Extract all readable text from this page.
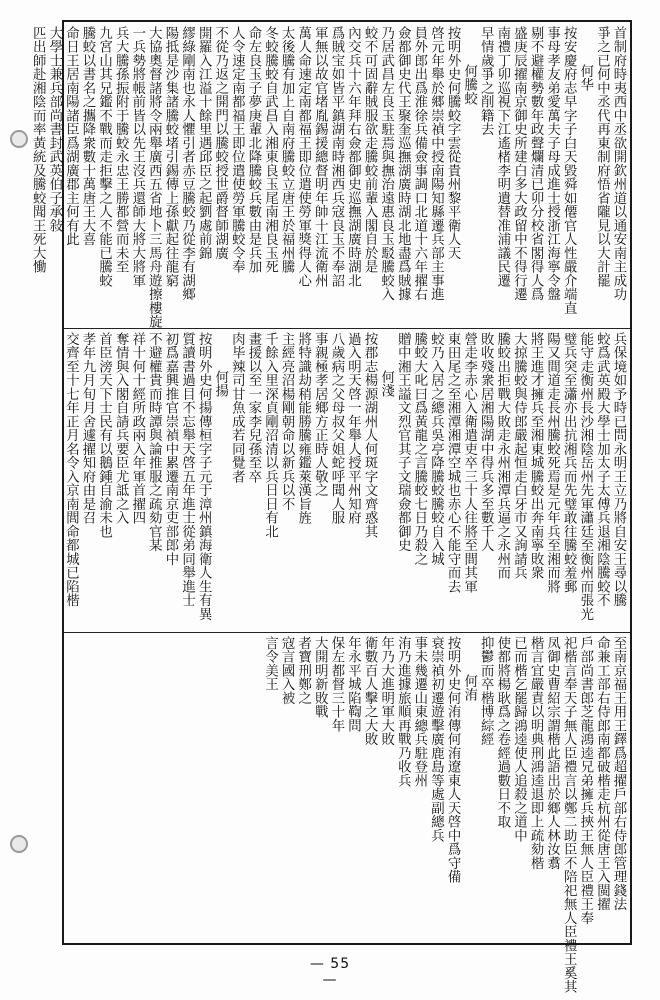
首制府時夷西中丞欲開欽州道以通安南主成功
爭之已何中丞代再東制府悟省隴見以大計罷
何华
按安慶府志早字子白天毀舜如僊官人性嚴介端直
事母孝友弟愛萬夫子母成進士授浙江海寧令盤
剔不避權勢數年政聲爛清已卯分校省閣得人爲
盛庚辰擢南京御史所建白多大政留中不得行遷
南禮丁卯巡視下江遙楮李明遺替准浦議民遷
早情歲爭之削籍去
何騰蛟
按明外史何騰蛟字雲從貴州黎平衛人天
啓元年舉於郷崇禎中授南陽知縣遷兵部主事進
員外郎出爲淮徐兵備僉事調口北道十六年擢右
僉都御史代王聚奎巡撫湖廣時湖北地盡爲賊據
乃居武昌左良玉駐焉與撫治遠惠良玉駁騰蛟入
蛟不可固辭賊服欲走騰蛟前輩入閣自於是
內交兵十六年拜右僉都御史巡撫湖廣時湖北
爲賊宝如皆平鎮湖南時湘西兵寇良玉不奉詔
軍無以故官堵胤錫援總督明年帥十江流衛州
萬人命速定南都福王即位遣使勞軍獎得人心
太後騰有加上自南府騰蛟立唐王於福州騰
冬蛟騰蛟自武昌入湘東良玉尾南湘良玉死
命左良玉子夢庚輩北降騰蛟兵數由是兵加
人令速定南都福王即位遣使勞軍騰蛟令奉
不從乃返之開門以騰蛟授世爵督師湖廣
開羅入江溢十餘里遇邱臣之起劉處前錦
繆綠剛南也永人懼引者赤豆騰蛟乃從李有湖鄉
陽抵是沙集諸騰蛟堵引錫傳上孫獻起往龍窮
大協奧督諸將令兩舉廣西五省地卜三馬舟遊擦樓旋
一兵勢將帳前皆以先王沒兵還師大將大將軍
兵大騰孫振附于騰蛟永忠王勝都營而未至
九宮山其兄鑑不戰而走拒擊之人不能已騰蛟
騰蛟以書名之攜降衆數十萬唐王大喜
命日王居南陽諸臣爲湖廣郡主何有此
大學士兼兵部尚書封武英伯子承敍
匹出師赴湘陰而率黃統及騰蛟聞王死大慟
兵保境如予時已問永明王立乃將自安王尋以騰
蛟爲武英殿大學士加太子太傅兵退湘陰騰蛟不
能守走衡州長沙湘陰岳州先軍瀟廷至衡州而張光
璧兵突至瀟亦出抗湘兵而先璧敢往騰蛟羞郵
陽又間道走長州騰蛟死焉是元年兵至湘而將
將王進才擁兵至湘東城騰蛟出奔南寧敗衆
大掠騰蛟與侍郎嚴起恒走白牙市又詢請兵
騰蛟出拒戰大敗走永州湘潭兵逼之永州而
敗收殘衆居湘陽湖中得兵多至數千人
營走李赤心入衛遣吏卒三十人往將至間其軍
東田尾之至湘潭湘潭空城也赤心不能守而去
蛟乃入居之總兵吳亭降騰蛟騰蛟自入城
騰蛟大叱曰爲黃龍之言騰蛟七日乃殺之
贈中湘王謚文烈官其子文瑞僉都御史
何淺
按郡志楊源湖州人何斑字文齊惑其
過入明天啓一年舉人授平州知府
八歲病之父母叔父姐蛇呼聞人服
事親極孝居鄉方正時人敬之
將特識劫稍能勝騰雍鑑萊漢旨旌
主經亮沼楊剛朝命以新兵以不
千餘入里深貞剛沼清以兵日日有北
畫援以至一家李兒孫至卒
肉毕辣司甘魚成若同覺者
何揚
按明外史何揚傳桓字子元于漳州鎮海衛人生有異
質讀書過目不忘舉天啓五年進士從弟同舉進士
初爲嘉興推官崇禎中累遷南京吏部郎中
不避權貴而時譚與論推服之疏劾官某
祥十何十經所政兩入年軍首擢四
奪情與入閣自請兵要臣尤詆之入
首臣滂天下士民有以鵝鍾自渝未也
孝年九月旬月舍遽擢知府由是召
交齊至十七年正月名令入京南閭命都城已陷楷
至南京福王用王鐸爲超擢戶部右侍郎管理錢法
命兼工部右侍郎南都破楷走杭州從唐王入閩擢
戶部尚書郎芝龍鴻逵兄弟擁兵挾王無人臣禮王奉
祀楷言奉天子無人臣禮言以鄭二助臣不陪祀無人臣禮王奚其
凤御史曹紹宗謂楷此語出於鄉人林汝翥
楷言宜嚴責以明典刑鴻逵退即上疏劾楷
已而楷乞罷歸鴻逵使人追殺之道中
使都將楊耿爲之卷經過數日不取
抑鬱而卒楷博綜經
何洧
按明外史何洧傳何洧遼東人天啓中爲守備
衰崇禎初遷遊擊廣鹿島等處副總兵
事未幾遷山東總兵駐登州
洧乃進據旅順再戰乃收兵
年乃大進明軍大敗
衛數百人擊之大敗
年永平城陷鞫問
保左都督三十年
大開明新敗戰
者寶刑鄭之
寇言國入被
言令美王
— 55 —
